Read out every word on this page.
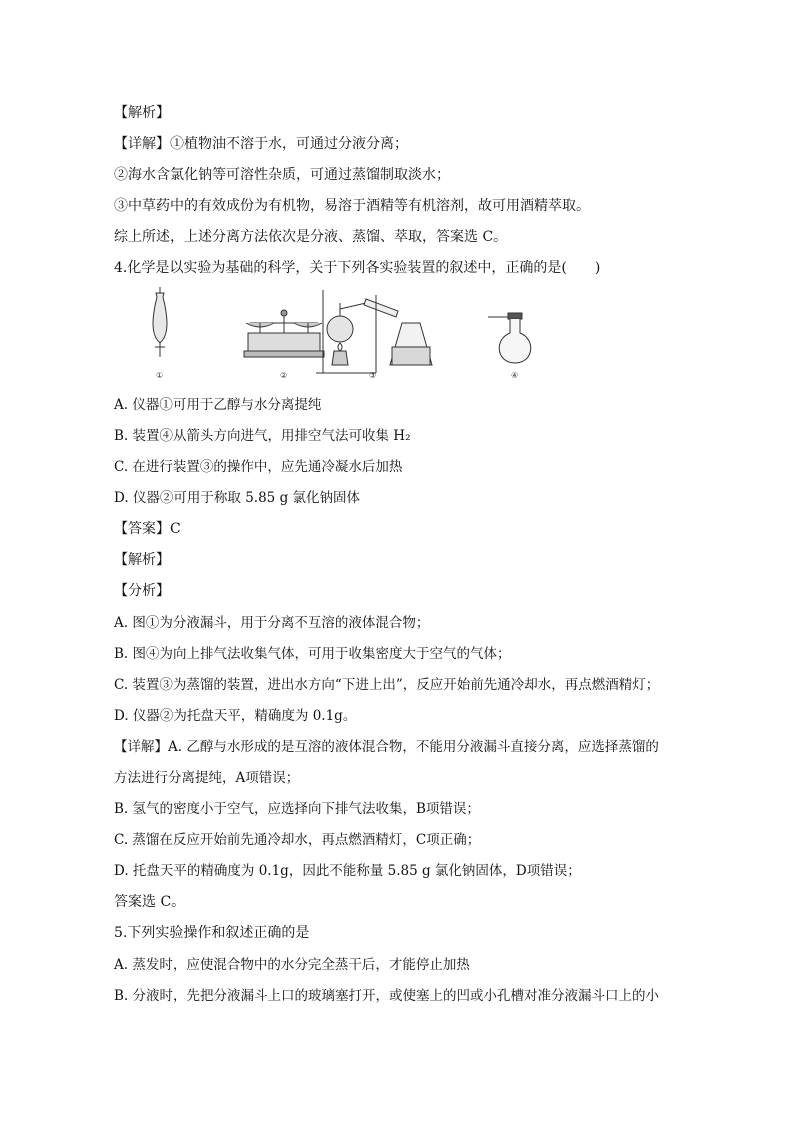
【解析】
【详解】①植物油不溶于水，可通过分液分离；
②海水含氯化钠等可溶性杂质，可通过蒸馏制取淡水；
③中草药中的有效成份为有机物，易溶于酒精等有机溶剂，故可用酒精萃取。
综上所述，上述分离方法依次是分液、蒸馏、萃取，答案选 C。
4.化学是以实验为基础的科学，关于下列各实验装置的叙述中，正确的是(　　)
①	②	③	④
A. 仪器①可用于乙醇与水分离提纯
B. 装置④从箭头方向进气，用排空气法可收集 H₂
C. 在进行装置③的操作中，应先通冷凝水后加热
D. 仪器②可用于称取 5.85 g 氯化钠固体
【答案】C
【解析】
【分析】
A. 图①为分液漏斗，用于分离不互溶的液体混合物；
B. 图④为向上排气法收集气体，可用于收集密度大于空气的气体；
C. 装置③为蒸馏的装置，进出水方向“下进上出”，反应开始前先通冷却水，再点燃酒精灯；
D. 仪器②为托盘天平，精确度为 0.1g。
【详解】A. 乙醇与水形成的是互溶的液体混合物，不能用分液漏斗直接分离，应选择蒸馏的
方法进行分离提纯，A项错误；
B. 氢气的密度小于空气，应选择向下排气法收集，B项错误；
C. 蒸馏在反应开始前先通冷却水，再点燃酒精灯，C项正确；
D. 托盘天平的精确度为 0.1g，因此不能称量 5.85 g 氯化钠固体，D项错误；
答案选 C。
5.下列实验操作和叙述正确的是
A. 蒸发时，应使混合物中的水分完全蒸干后，才能停止加热
B. 分液时，先把分液漏斗上口的玻璃塞打开，或使塞上的凹或小孔槽对准分液漏斗口上的小
